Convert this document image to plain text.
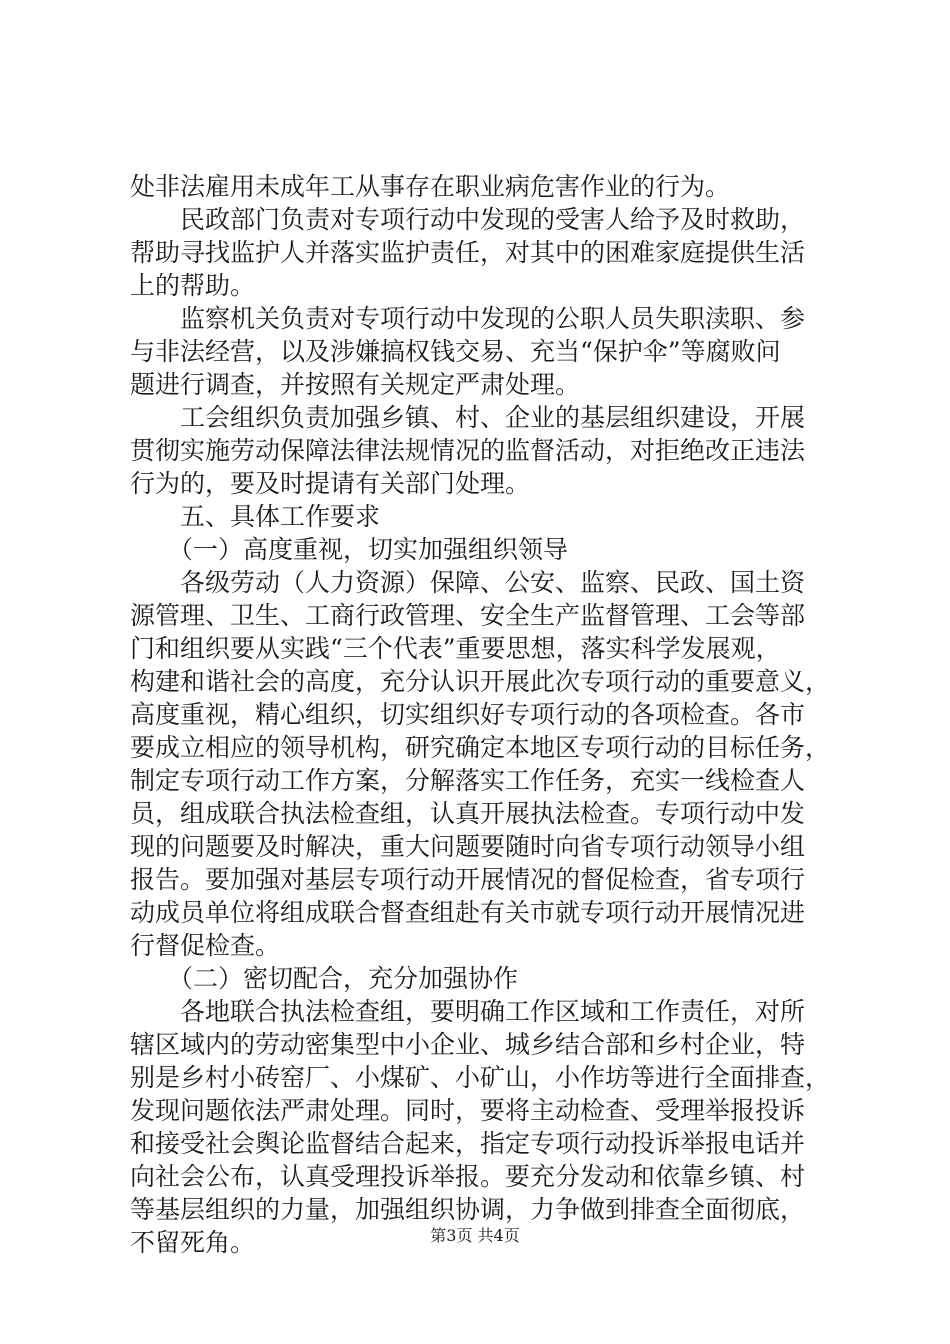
处非法雇用未成年工从事存在职业病危害作业的行为。
民政部门负责对专项行动中发现的受害人给予及时救助，
帮助寻找监护人并落实监护责任，对其中的困难家庭提供生活
上的帮助。
监察机关负责对专项行动中发现的公职人员失职渎职、参
与非法经营，以及涉嫌搞权钱交易、充当“保护伞”等腐败问
题进行调查，并按照有关规定严肃处理。
工会组织负责加强乡镇、村、企业的基层组织建设，开展
贯彻实施劳动保障法律法规情况的监督活动，对拒绝改正违法
行为的，要及时提请有关部门处理。
五、具体工作要求
（一）高度重视，切实加强组织领导
各级劳动（人力资源）保障、公安、监察、民政、国土资
源管理、卫生、工商行政管理、安全生产监督管理、工会等部
门和组织要从实践“三个代表”重要思想，落实科学发展观，
构建和谐社会的高度，充分认识开展此次专项行动的重要意义，
高度重视，精心组织，切实组织好专项行动的各项检查。各市
要成立相应的领导机构，研究确定本地区专项行动的目标任务，
制定专项行动工作方案，分解落实工作任务，充实一线检查人
员，组成联合执法检查组，认真开展执法检查。专项行动中发
现的问题要及时解决，重大问题要随时向省专项行动领导小组
报告。要加强对基层专项行动开展情况的督促检查，省专项行
动成员单位将组成联合督查组赴有关市就专项行动开展情况进
行督促检查。
（二）密切配合，充分加强协作
各地联合执法检查组，要明确工作区域和工作责任，对所
辖区域内的劳动密集型中小企业、城乡结合部和乡村企业，特
别是乡村小砖窑厂、小煤矿、小矿山，小作坊等进行全面排查，
发现问题依法严肃处理。同时，要将主动检查、受理举报投诉
和接受社会舆论监督结合起来，指定专项行动投诉举报电话并
向社会公布，认真受理投诉举报。要充分发动和依靠乡镇、村
等基层组织的力量，加强组织协调，力争做到排查全面彻底，
不留死角。	第3页 共4页
